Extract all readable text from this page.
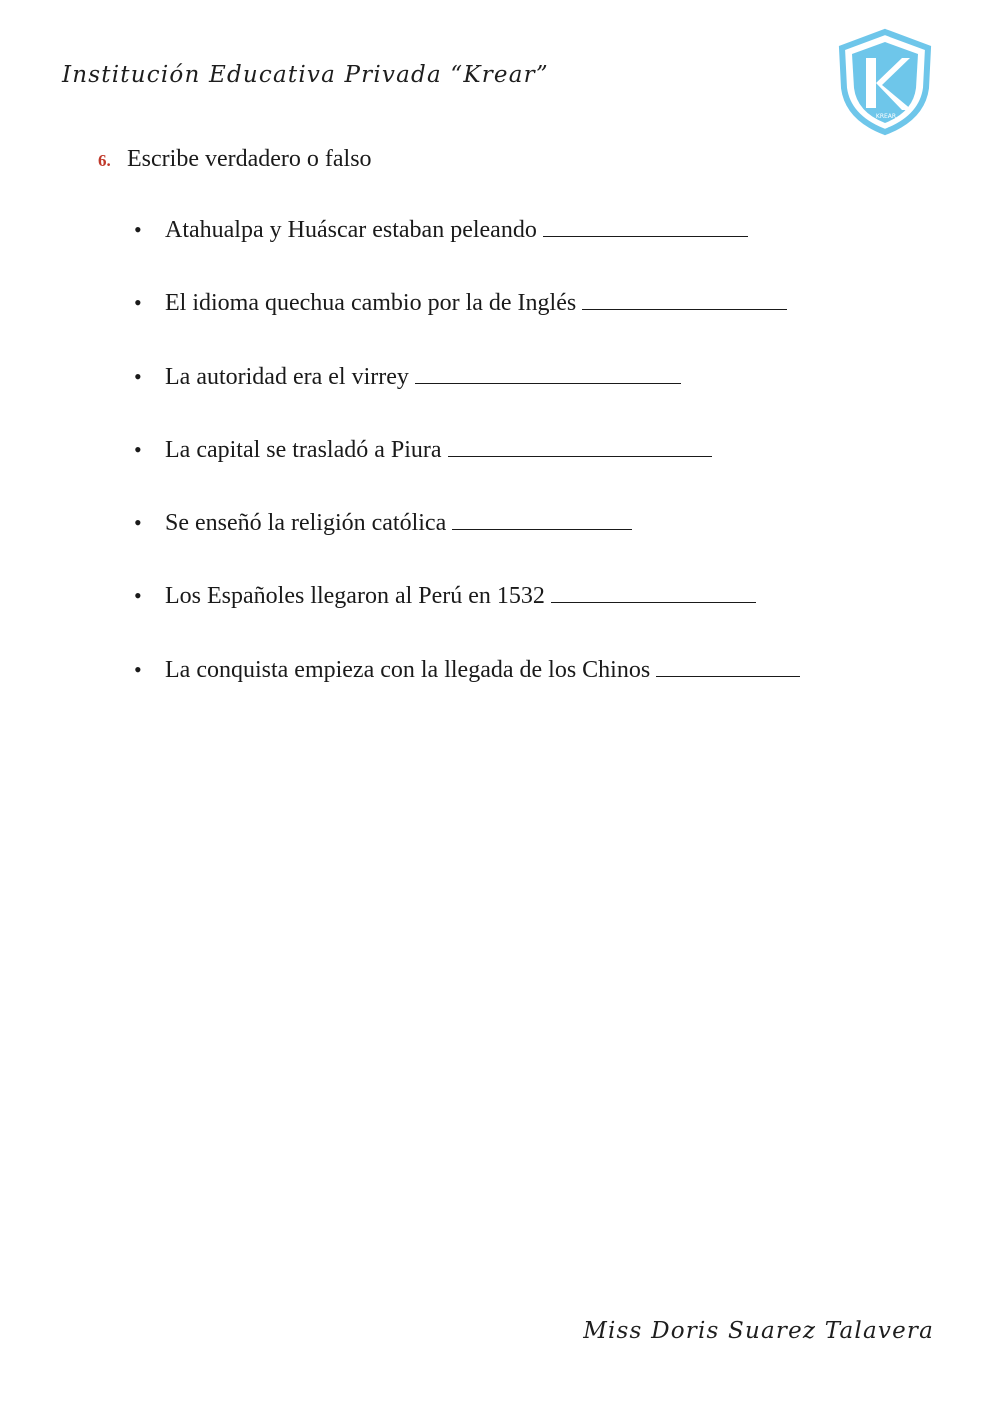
Institución Educativa Privada “Krear”
KREAR
6. Escribe verdadero o falso
• Atahualpa y Huáscar estaban peleando
• El idioma quechua cambio por la de Inglés
• La autoridad era el virrey
• La capital se trasladó a Piura
• Se enseñó la religión católica
• Los Españoles llegaron al Perú en 1532
• La conquista empieza con la llegada de los Chinos
Miss Doris Suarez Talavera
